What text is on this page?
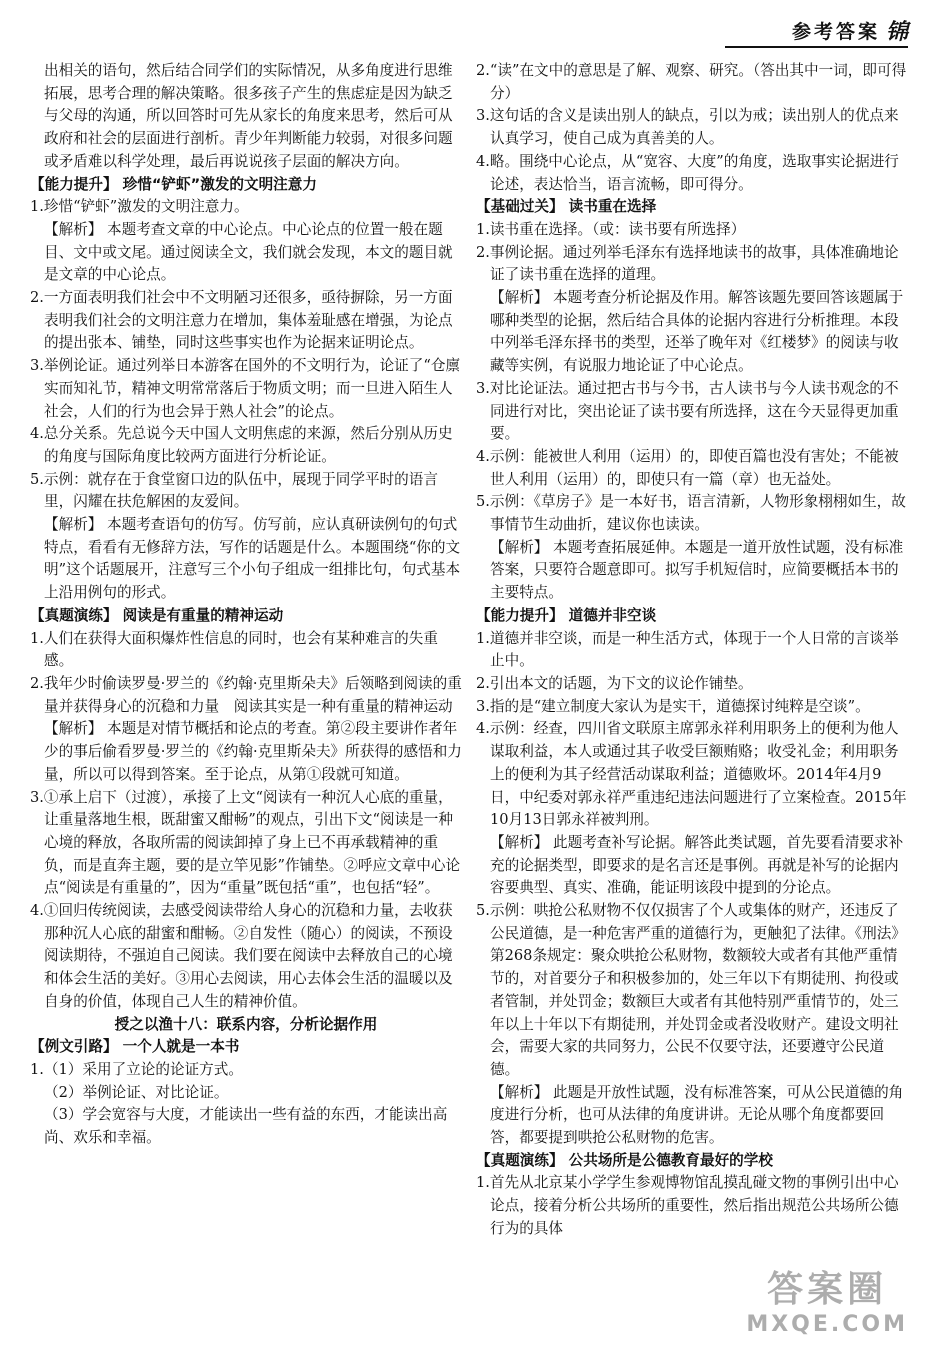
参考答案 锦

出相关的语句，然后结合同学们的实际情况，从多角度进行思维拓展，思考合理的解决策略。很多孩子产生的焦虑症是因为缺乏与父母的沟通，所以回答时可先从家长的角度来思考，然后可从政府和社会的层面进行剖析。青少年判断能力较弱，对很多问题或矛盾难以科学处理，最后再说说孩子层面的解决方向。

【能力提升】 珍惜“铲虾”激发的文明注意力

1.珍惜“铲虾”激发的文明注意力。

【解析】 本题考查文章的中心论点。中心论点的位置一般在题目、文中或文尾。通过阅读全文，我们就会发现，本文的题目就是文章的中心论点。

2.一方面表明我们社会中不文明陋习还很多，亟待摒除，另一方面表明我们社会的文明注意力在增加，集体羞耻感在增强，为论点的提出张本、铺垫，同时这些事实也作为论据来证明论点。

3.举例论证。通过列举日本游客在国外的不文明行为，论证了“仓廪实而知礼节，精神文明常常落后于物质文明；而一旦进入陌生人社会，人们的行为也会异于熟人社会”的论点。

4.总分关系。先总说今天中国人文明焦虑的来源，然后分别从历史的角度与国际角度比较两方面进行分析论证。

5.示例：就存在于食堂窗口边的队伍中，展现于同学平时的语言里，闪耀在扶危解困的友爱间。

【解析】 本题考查语句的仿写。仿写前，应认真研读例句的句式特点，看看有无修辞方法，写作的话题是什么。本题围绕“你的文明”这个话题展开，注意写三个小句子组成一组排比句，句式基本上沿用例句的形式。

【真题演练】 阅读是有重量的精神运动

1.人们在获得大面积爆炸性信息的同时，也会有某种难言的失重感。

2.我年少时偷读罗曼·罗兰的《约翰·克里斯朵夫》后领略到阅读的重量并获得身心的沉稳和力量　阅读其实是一种有重量的精神运动

【解析】 本题是对情节概括和论点的考查。第②段主要讲作者年少的事后偷看罗曼·罗兰的《约翰·克里斯朵夫》所获得的感悟和力量，所以可以得到答案。至于论点，从第①段就可知道。

3.①承上启下（过渡），承接了上文“阅读有一种沉人心底的重量，让重量落地生根，既甜蜜又酣畅”的观点，引出下文“阅读是一种心境的释放，各取所需的阅读卸掉了身上已不再承载精神的重负，而是直奔主题，要的是立竿见影”作铺垫。②呼应文章中心论点“阅读是有重量的”，因为“重量”既包括“重”，也包括“轻”。

4.①回归传统阅读，去感受阅读带给人身心的沉稳和力量，去收获那种沉人心底的甜蜜和酣畅。②自发性（随心）的阅读，不预设阅读期待，不强迫自己阅读。我们要在阅读中去释放自己的心境和体会生活的美好。③用心去阅读，用心去体会生活的温暖以及自身的价值，体现自己人生的精神价值。

授之以渔十八：联系内容，分析论据作用

【例文引路】 一个人就是一本书

1.（1）采用了立论的论证方式。

（2）举例论证、对比论证。

（3）学会宽容与大度，才能读出一些有益的东西，才能读出高尚、欢乐和幸福。

2.“读”在文中的意思是了解、观察、研究。（答出其中一词，即可得分）

3.这句话的含义是读出别人的缺点，引以为戒；读出别人的优点来认真学习，使自己成为真善美的人。

4.略。围绕中心论点，从“宽容、大度”的角度，选取事实论据进行论述，表达恰当，语言流畅，即可得分。

【基础过关】 读书重在选择

1.读书重在选择。（或：读书要有所选择）

2.事例论据。通过列举毛泽东有选择地读书的故事，具体准确地论证了读书重在选择的道理。

【解析】 本题考查分析论据及作用。解答该题先要回答该题属于哪种类型的论据，然后结合具体的论据内容进行分析推理。本段中列举毛泽东择书的类型，还举了晚年对《红楼梦》的阅读与收藏等实例，有说服力地论证了中心论点。

3.对比论证法。通过把古书与今书，古人读书与今人读书观念的不同进行对比，突出论证了读书要有所选择，这在今天显得更加重要。

4.示例：能被世人利用（运用）的，即使百篇也没有害处；不能被世人利用（运用）的，即使只有一篇（章）也无益处。

5.示例：《草房子》是一本好书，语言清新，人物形象栩栩如生，故事情节生动曲折，建议你也读读。

【解析】 本题考查拓展延伸。本题是一道开放性试题，没有标准答案，只要符合题意即可。拟写手机短信时，应简要概括本书的主要特点。

【能力提升】 道德并非空谈

1.道德并非空谈，而是一种生活方式，体现于一个人日常的言谈举止中。

2.引出本文的话题，为下文的议论作铺垫。

3.指的是“建立制度大家认为是实干，道德探讨纯粹是空谈”。

4.示例：经查，四川省文联原主席郭永祥利用职务上的便利为他人谋取利益，本人或通过其子收受巨额贿赂；收受礼金；利用职务上的便利为其子经营活动谋取利益；道德败坏。2014年4月9日，中纪委对郭永祥严重违纪违法问题进行了立案检查。2015年10月13日郭永祥被判刑。

【解析】 此题考查补写论据。解答此类试题，首先要看清要求补充的论据类型，即要求的是名言还是事例。再就是补写的论据内容要典型、真实、准确，能证明该段中提到的分论点。

5.示例：哄抢公私财物不仅仅损害了个人或集体的财产，还违反了公民道德，是一种危害严重的道德行为，更触犯了法律。《刑法》第268条规定：聚众哄抢公私财物，数额较大或者有其他严重情节的，对首要分子和积极参加的，处三年以下有期徒刑、拘役或者管制，并处罚金；数额巨大或者有其他特别严重情节的，处三年以上十年以下有期徒刑，并处罚金或者没收财产。建设文明社会，需要大家的共同努力，公民不仅要守法，还要遵守公民道德。

【解析】 此题是开放性试题，没有标准答案，可从公民道德的角度进行分析，也可从法律的角度讲讲。无论从哪个角度都要回答，都要提到哄抢公私财物的危害。

【真题演练】 公共场所是公德教育最好的学校

1.首先从北京某小学学生参观博物馆乱摸乱碰文物的事例引出中心论点，接着分析公共场所的重要性，然后指出规范公共场所公德行为的具体

答案圈
MXQE.COM
